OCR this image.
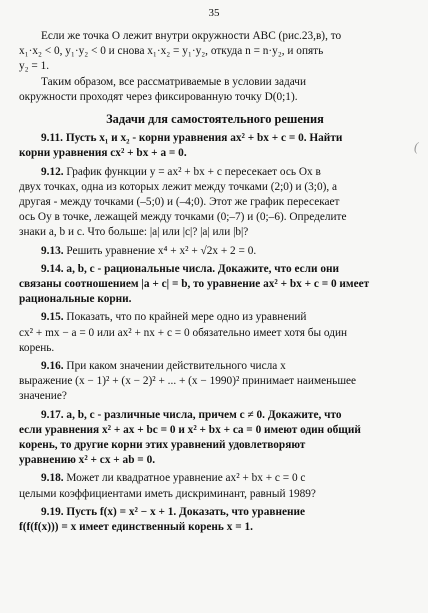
35
(

Если же точка O лежит внутри окружности ABC (рис.23,в), то

x₁·x₂ < 0, y₁·y₂ < 0 и снова x₁·x₂ = y₁·y₂, откуда n = n·y₂, и опять

y₂ = 1.

Таким образом, все рассматриваемые в условии задачи

окружности проходят через фиксированную точку D(0;1).

Задачи для самостоятельного решения

9.11. Пусть x₁ и x₂ - корни уравнения ax² + bx + c = 0. Найти

корни уравнения cx² + bx + a = 0.

9.12. График функции y = ax² + bx + c пересекает ось Ox в

двух точках, одна из которых лежит между точками (2;0) и (3;0), а

другая - между точками (–5;0) и (–4;0). Этот же график пересекает

ось Oy в точке, лежащей между точками (0;–7) и (0;–6). Определите

знаки a, b и c. Что больше: |a| или |c|? |a| или |b|?

9.13. Решить уравнение x⁴ + x² + √2x + 2 = 0.

9.14. a, b, c - рациональные числа. Докажите, что если они

связаны соотношением |a + c| = b, то уравнение ax² + bx + c = 0 имеет

рациональные корни.

9.15. Показать, что по крайней мере одно из уравнений

cx² + mx − a = 0 или ax² + nx + c = 0 обязательно имеет хотя бы один

корень.

9.16. При каком значении действительного числа x

выражение (x − 1)² + (x − 2)² + ... + (x − 1990)² принимает наименьшее

значение?

9.17. a, b, c - различные числа, причем c ≠ 0. Докажите, что

если уравнения x² + ax + bc = 0 и x² + bx + ca = 0 имеют один общий

корень, то другие корни этих уравнений удовлетворяют

уравнению x² + cx + ab = 0.

9.18. Может ли квадратное уравнение ax² + bx + c = 0 с

целыми коэффициентами иметь дискриминант, равный 1989?

9.19. Пусть f(x) = x² − x + 1. Доказать, что уравнение

f(f(f(x))) = x имеет единственный корень x = 1.
